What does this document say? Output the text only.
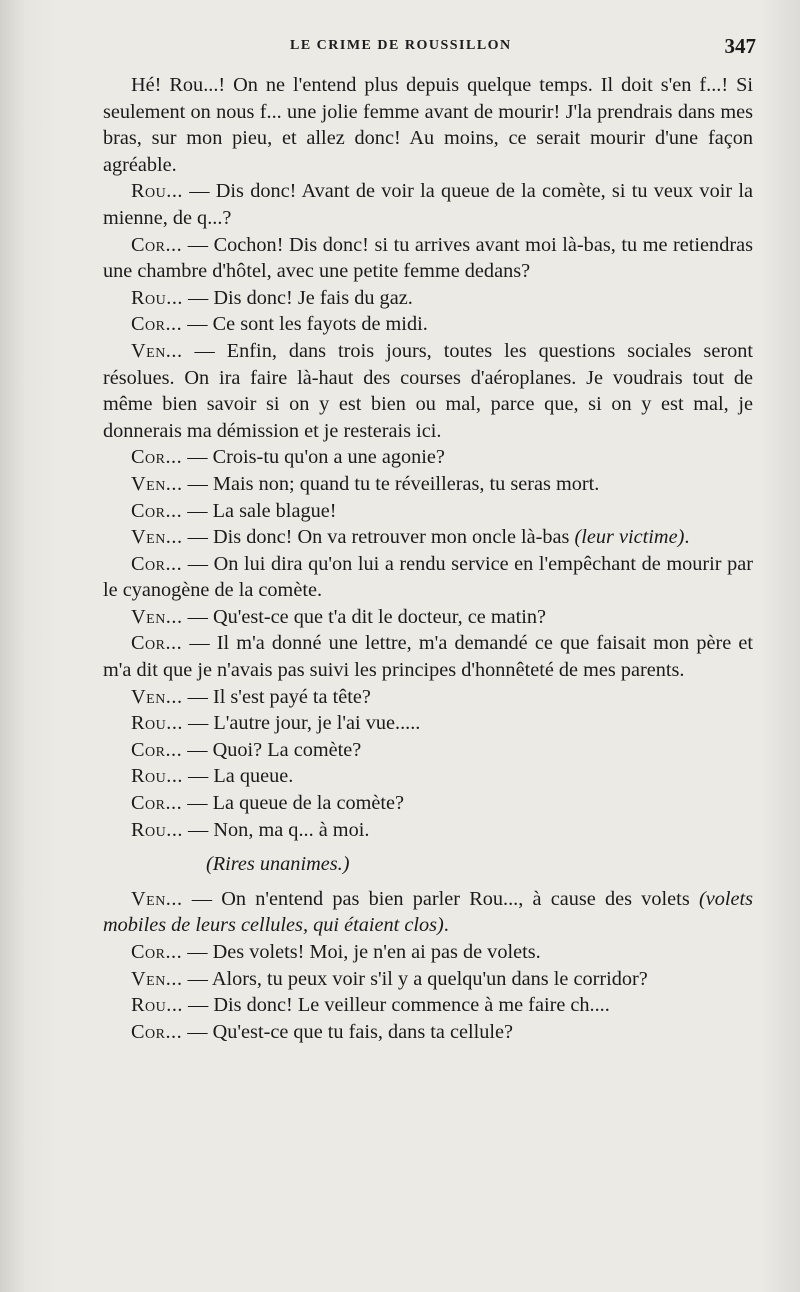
LE CRIME DE ROUSSILLON	347

Hé! Rou...! On ne l'entend plus depuis quelque temps. Il doit s'en f...! Si seulement on nous f... une jolie femme avant de mourir! J'la prendrais dans mes bras, sur mon pieu, et allez donc! Au moins, ce serait mourir d'une façon agréable.

Rou... — Dis donc! Avant de voir la queue de la comète, si tu veux voir la mienne, de q...?

Cor... — Cochon! Dis donc! si tu arrives avant moi là-bas, tu me retiendras une chambre d'hôtel, avec une petite femme dedans?

Rou... — Dis donc! Je fais du gaz.

Cor... — Ce sont les fayots de midi.

Ven... — Enfin, dans trois jours, toutes les questions sociales seront résolues. On ira faire là-haut des courses d'aéroplanes. Je voudrais tout de même bien savoir si on y est bien ou mal, parce que, si on y est mal, je donnerais ma démission et je resterais ici.

Cor... — Crois-tu qu'on a une agonie?

Ven... — Mais non; quand tu te réveilleras, tu seras mort.

Cor... — La sale blague!

Ven... — Dis donc! On va retrouver mon oncle là-bas (leur victime).

Cor... — On lui dira qu'on lui a rendu service en l'empêchant de mourir par le cyanogène de la comète.

Ven... — Qu'est-ce que t'a dit le docteur, ce matin?

Cor... — Il m'a donné une lettre, m'a demandé ce que faisait mon père et m'a dit que je n'avais pas suivi les principes d'honnêteté de mes parents.

Ven... — Il s'est payé ta tête?

Rou... — L'autre jour, je l'ai vue.....

Cor... — Quoi? La comète?

Rou... — La queue.

Cor... — La queue de la comète?

Rou... — Non, ma q... à moi.

(Rires unanimes.)

Ven... — On n'entend pas bien parler Rou..., à cause des volets (volets mobiles de leurs cellules, qui étaient clos).

Cor... — Des volets! Moi, je n'en ai pas de volets.

Ven... — Alors, tu peux voir s'il y a quelqu'un dans le corridor?

Rou... — Dis donc! Le veilleur commence à me faire ch....

Cor... — Qu'est-ce que tu fais, dans ta cellule?
